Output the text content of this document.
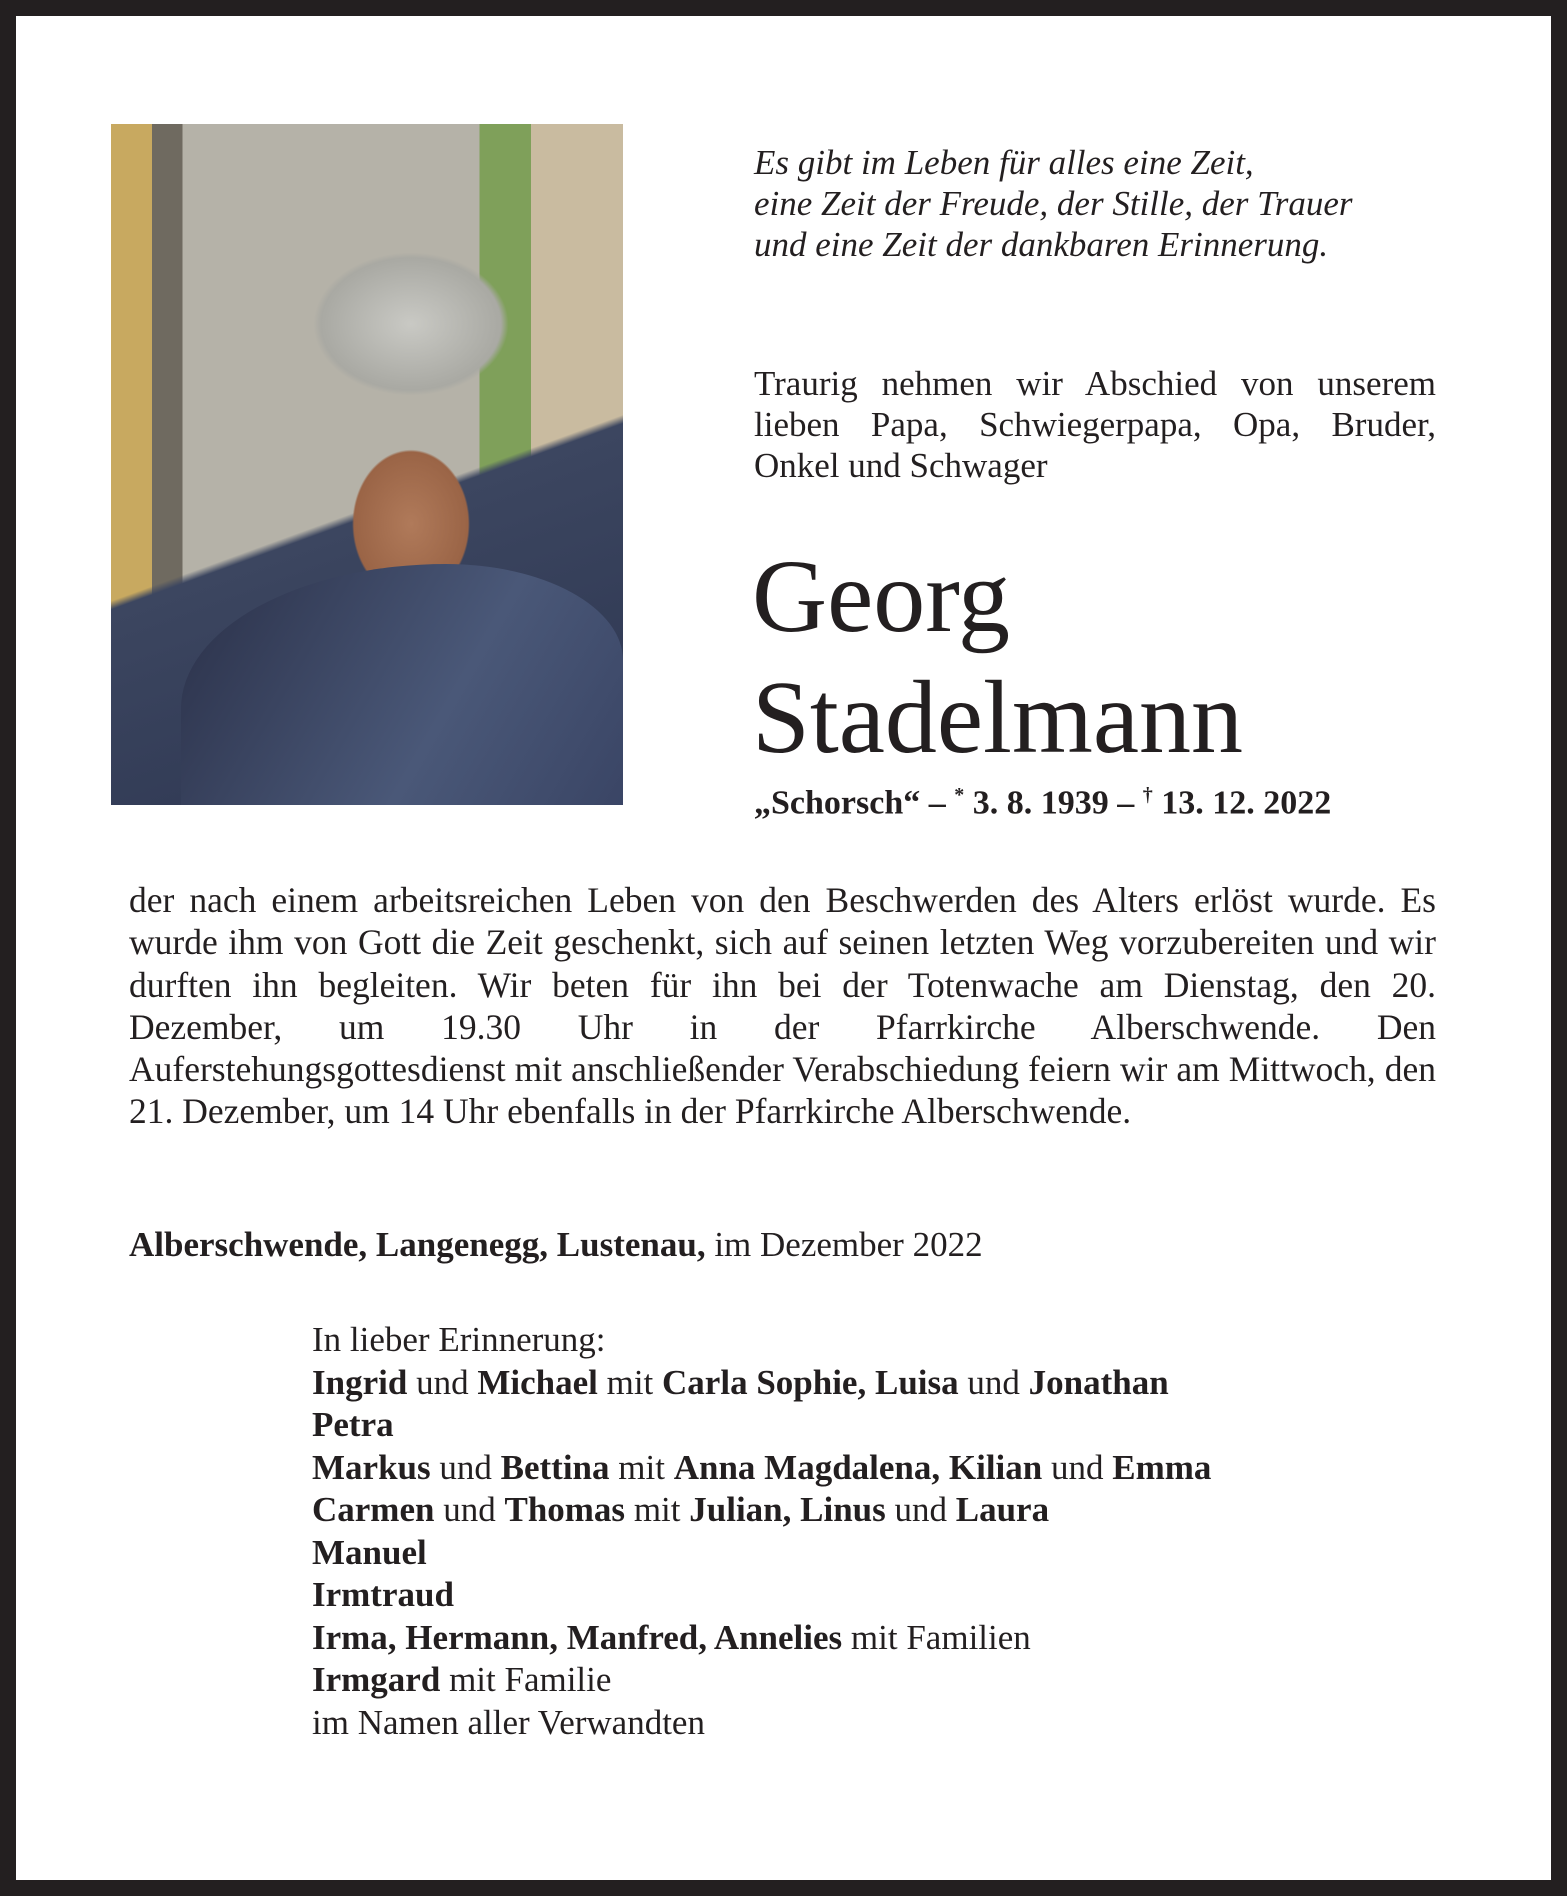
Es gibt im Leben für alles eine Zeit,
eine Zeit der Freude, der Stille, der Trauer
und eine Zeit der dankbaren Erinnerung.
Traurig nehmen wir Abschied von unserem lieben Papa, Schwiegerpapa, Opa, Bruder, Onkel und Schwager
Georg
Stadelmann
„Schorsch“ – * 3. 8. 1939 – † 13. 12. 2022
der nach einem arbeitsreichen Leben von den Beschwerden des Alters erlöst wurde. Es wurde ihm von Gott die Zeit geschenkt, sich auf seinen letzten Weg vorzubereiten und wir durften ihn begleiten. Wir beten für ihn bei der Totenwache am Dienstag, den 20. Dezember, um 19.30 Uhr in der Pfarrkirche Alberschwende. Den Auferstehungsgottesdienst mit anschließender Verabschiedung feiern wir am Mittwoch, den 21. Dezember, um 14 Uhr ebenfalls in der Pfarrkirche Alberschwende.
Alberschwende, Langenegg, Lustenau, im Dezember 2022
In lieber Erinnerung:
Ingrid und Michael mit Carla Sophie, Luisa und Jonathan
Petra
Markus und Bettina mit Anna Magdalena, Kilian und Emma
Carmen und Thomas mit Julian, Linus und Laura
Manuel
Irmtraud
Irma, Hermann, Manfred, Annelies mit Familien
Irmgard mit Familie
im Namen aller Verwandten
